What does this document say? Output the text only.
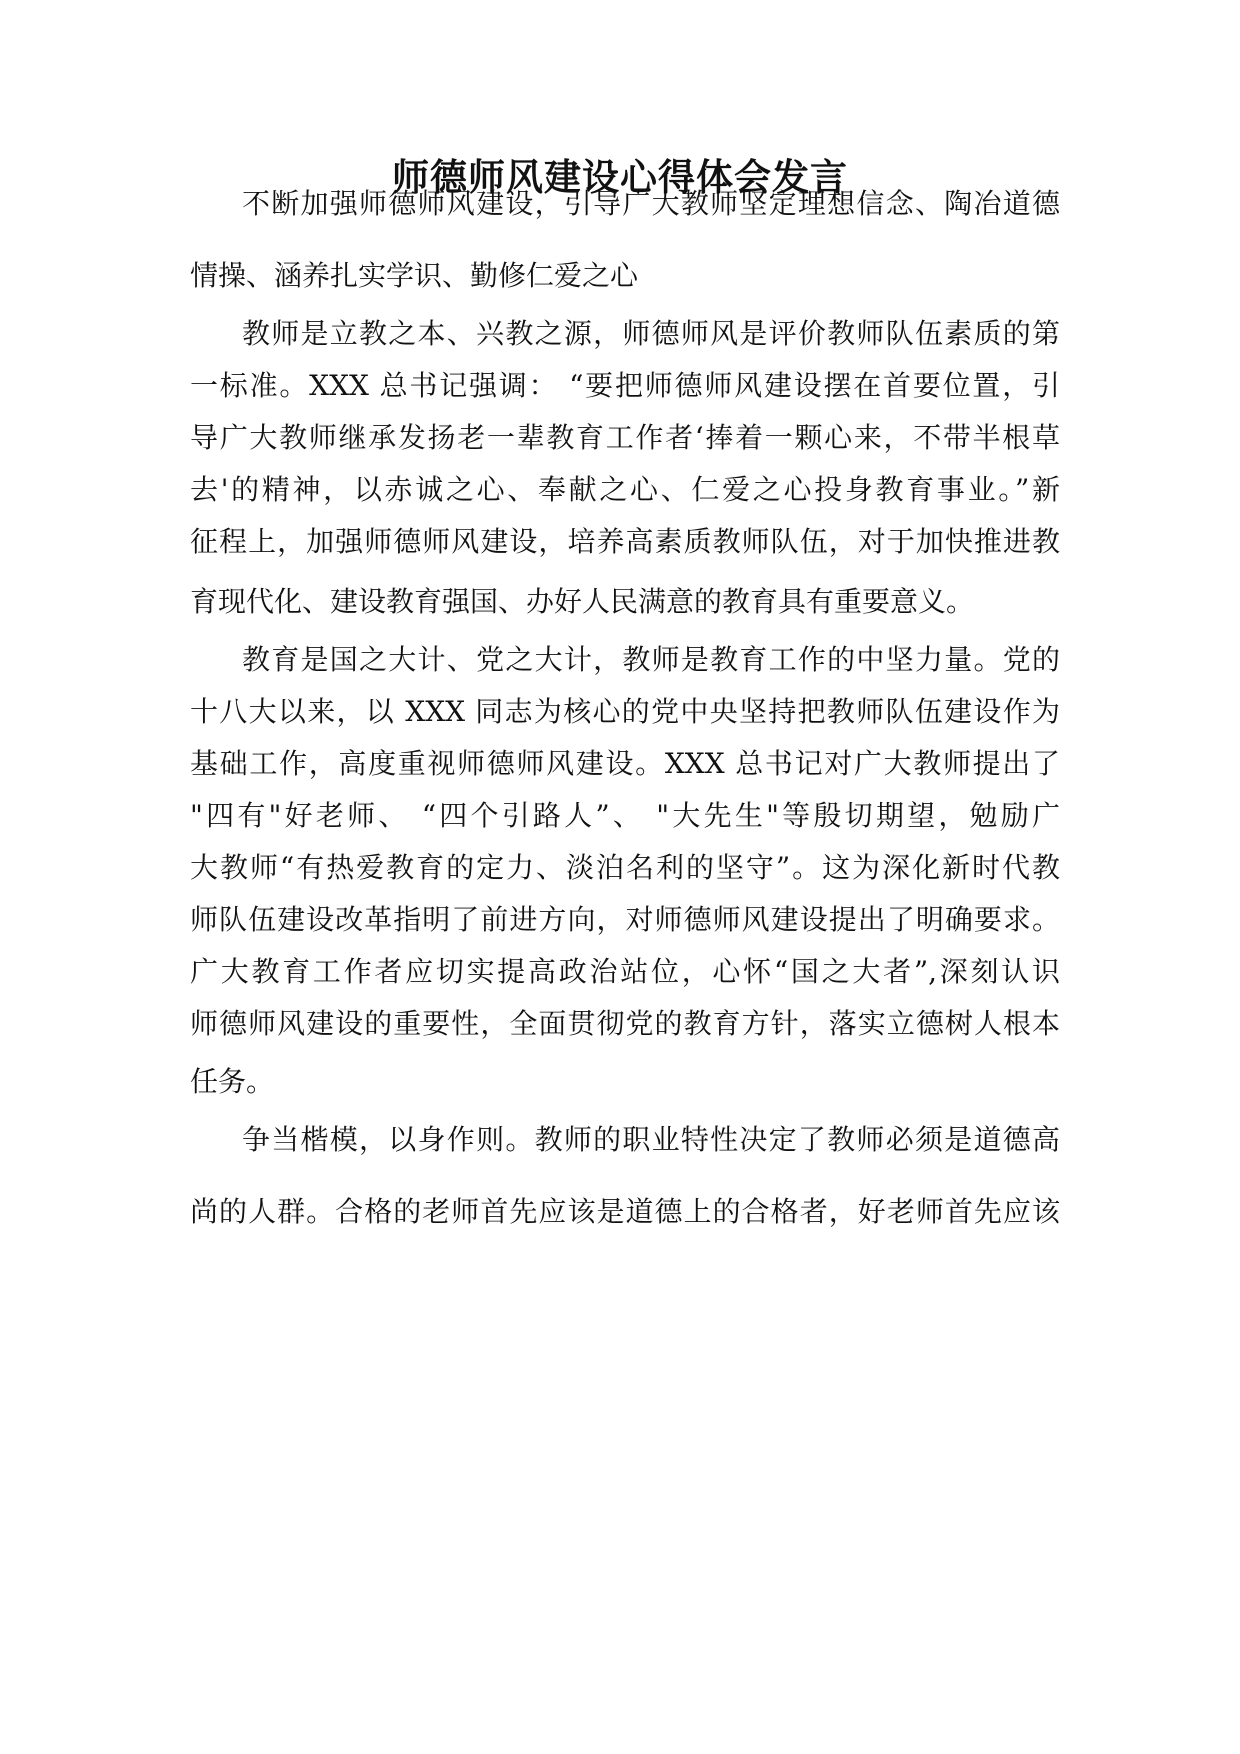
师德师风建设心得体会发言
不断加强师德师风建设，引导广大教师坚定理想信念、陶冶道德
情操、涵养扎实学识、勤修仁爱之心
教师是立教之本、兴教之源，师德师风是评价教师队伍素质的第
一标准。XXX 总书记强调： “要把师德师风建设摆在首要位置，引
导广大教师继承发扬老一辈教育工作者‘捧着一颗心来，不带半根草
去'的精神，以赤诚之心、奉献之心、仁爱之心投身教育事业。”新
征程上，加强师德师风建设，培养高素质教师队伍，对于加快推进教
育现代化、建设教育强国、办好人民满意的教育具有重要意义。
教育是国之大计、党之大计，教师是教育工作的中坚力量。党的
十八大以来，以 XXX 同志为核心的党中央坚持把教师队伍建设作为
基础工作，高度重视师德师风建设。XXX 总书记对广大教师提出了
"四有"好老师、 “四个引路人”、 "大先生"等殷切期望，勉励广
大教师“有热爱教育的定力、淡泊名利的坚守”。这为深化新时代教
师队伍建设改革指明了前进方向，对师德师风建设提出了明确要求。
广大教育工作者应切实提高政治站位，心怀“国之大者”,深刻认识
师德师风建设的重要性，全面贯彻党的教育方针，落实立德树人根本
任务。
争当楷模，以身作则。教师的职业特性决定了教师必须是道德高
尚的人群。合格的老师首先应该是道德上的合格者，好老师首先应该
